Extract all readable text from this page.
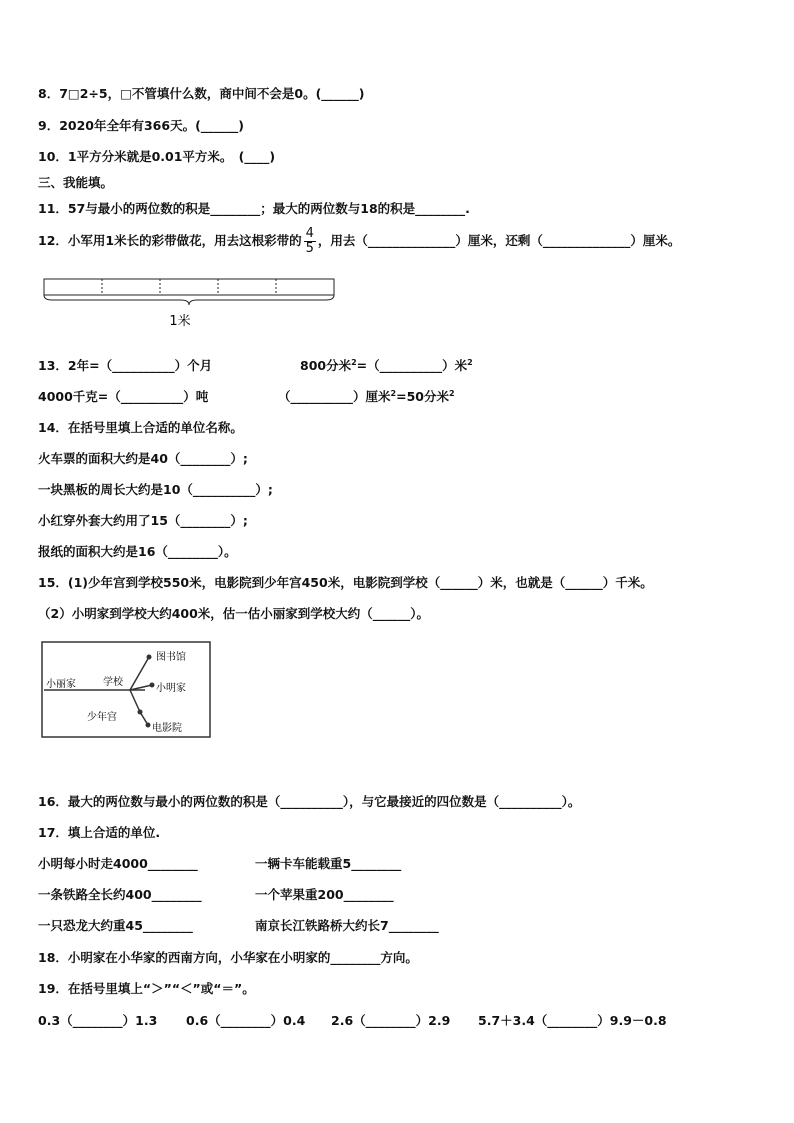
8．7□2÷5，□不管填什么数，商中间不会是0。(______)
9．2020年全年有366天。(______)
10．1平方分米就是0.01平方米。　(____)
三、我能填。
11．57与最小的两位数的积是________；最大的两位数与18的积是________.
12．小军用1米长的彩带做花，用去这根彩带的 $\frac{4}{5}$ ，用去（______________）厘米，还剩（______________）厘米。
1米
13．2年=（__________）个月	800分米$^2$=（__________）米$^2$
4000千克=（__________）吨	（__________）厘米$^2$=50分米$^2$
14．在括号里填上合适的单位名称。
火车票的面积大约是40（________）;
一块黑板的周长大约是10（__________）;
小红穿外套大约用了15（________）;
报纸的面积大约是16（________）。
15．(1)少年宫到学校550米，电影院到少年宫450米，电影院到学校（______）米，也就是（______）千米。
（2）小明家到学校大约400米，估一估小丽家到学校大约（______）。
图书馆
小丽家	学校
小明家
少年宫
电影院
16．最大的两位数与最小的两位数的积是（__________），与它最接近的四位数是（__________）。
17．填上合适的单位.
小明每小时走4000________	一辆卡车能载重5________
一条铁路全长约400________	一个苹果重200________
一只恐龙大约重45________	南京长江铁路桥大约长7________
18．小明家在小华家的西南方向，小华家在小明家的________方向。
19．在括号里填上“＞”“＜”或“＝”。
0.3（________）1.3 0.6（________）0.4 2.6（________）2.9 5.7＋3.4（________）9.9－0.8
